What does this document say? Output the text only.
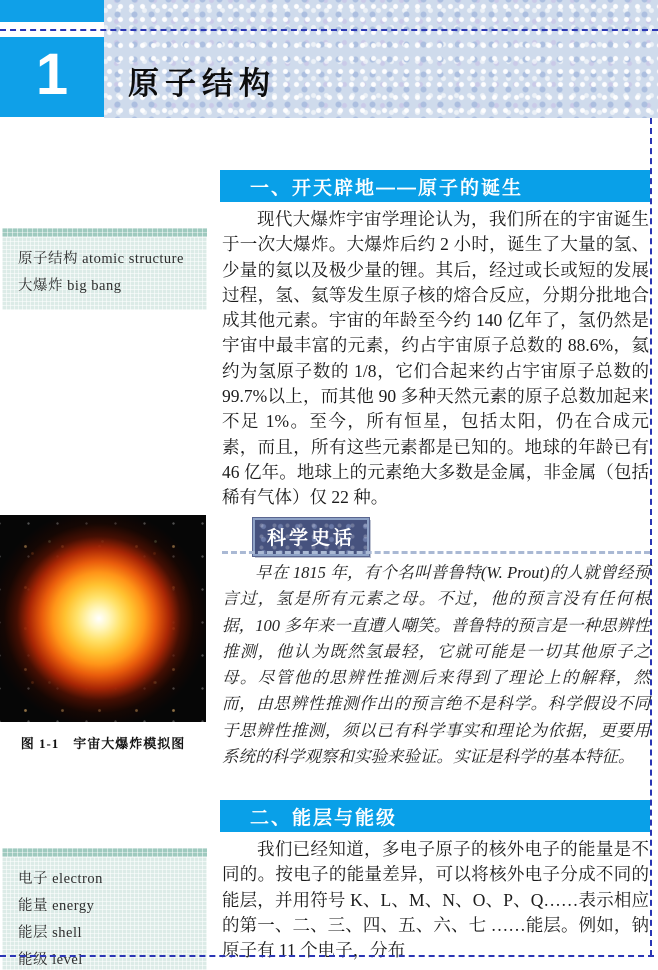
1 原子结构
原子结构 atomic structure
大爆炸 big bang
图 1-1　宇宙大爆炸模拟图
电子 electron
能量 energy
能层 shell
能级 level
一、开天辟地——原子的诞生
现代大爆炸宇宙学理论认为，我们所在的宇宙诞生于一次大爆炸。大爆炸后约 2 小时，诞生了大量的氢、少量的氦以及极少量的锂。其后，经过或长或短的发展过程，氢、氦等发生原子核的熔合反应，分期分批地合成其他元素。宇宙的年龄至今约 140 亿年了，氢仍然是宇宙中最丰富的元素，约占宇宙原子总数的 88.6%，氦约为氢原子数的 1/8，它们合起来约占宇宙原子总数的 99.7%以上，而其他 90 多种天然元素的原子总数加起来不足 1%。至今，所有恒星，包括太阳，仍在合成元素，而且，所有这些元素都是已知的。地球的年龄已有 46 亿年。地球上的元素绝大多数是金属，非金属（包括稀有气体）仅 22 种。
科学史话
早在 1815 年，有个名叫普鲁特(W. Prout)的人就曾经预言过，氢是所有元素之母。不过，他的预言没有任何根据，100 多年来一直遭人嘲笑。普鲁特的预言是一种思辨性推测，他认为既然氢最轻，它就可能是一切其他原子之母。尽管他的思辨性推测后来得到了理论上的解释，然而，由思辨性推测作出的预言绝不是科学。科学假设不同于思辨性推测，须以已有科学事实和理论为依据，更要用系统的科学观察和实验来验证。实证是科学的基本特征。
二、能层与能级
我们已经知道，多电子原子的核外电子的能量是不同的。按电子的能量差异，可以将核外电子分成不同的能层，并用符号 K、L、M、N、O、P、Q……表示相应的第一、二、三、四、五、六、七 ……能层。例如，钠原子有 11 个电子，分布
